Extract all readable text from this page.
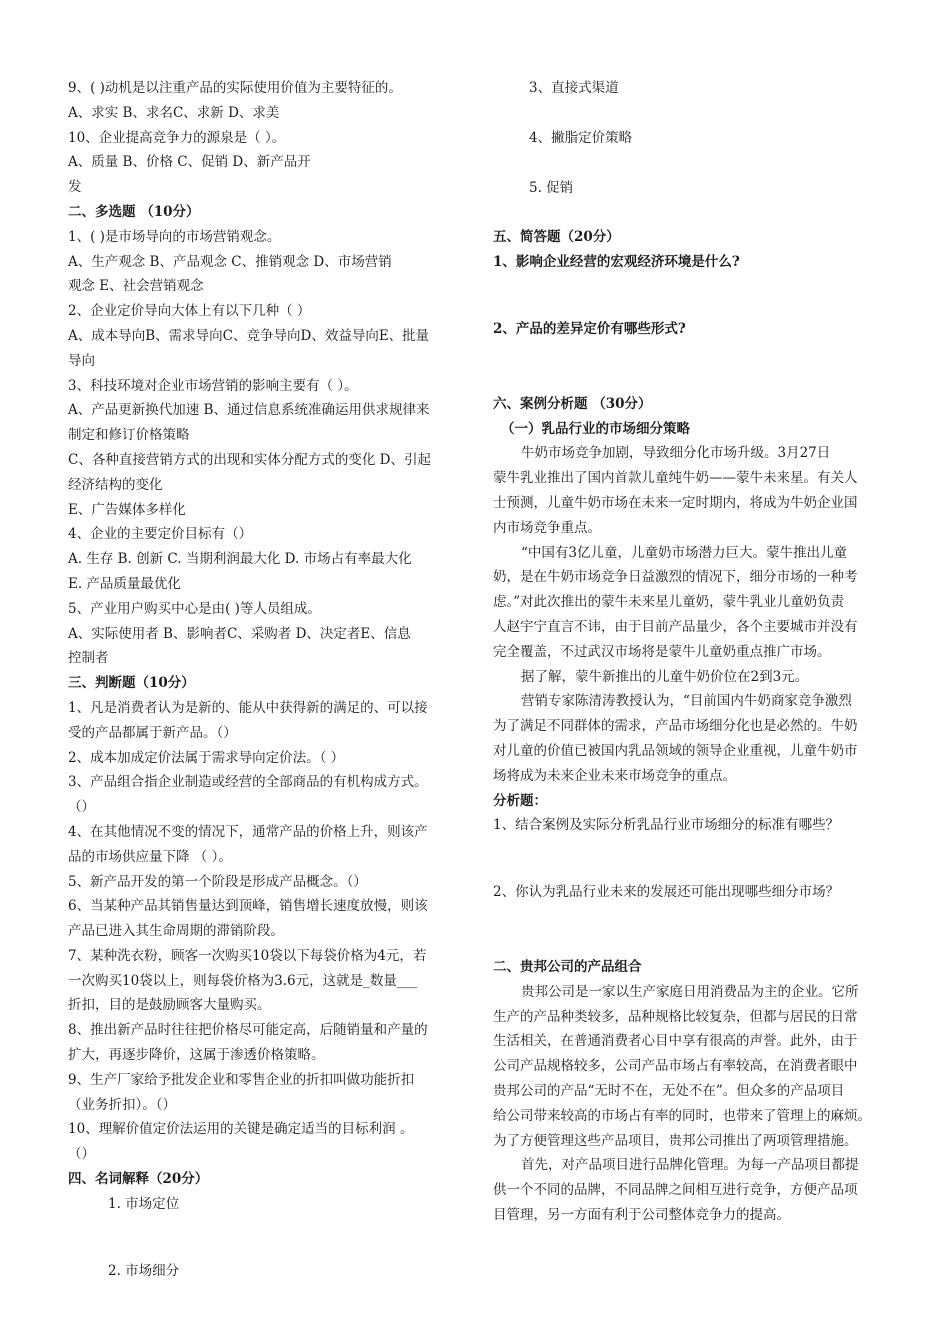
9、( )动机是以注重产品的实际使用价值为主要特征的。
A、求实 B、求名C、求新 D、求美
10、企业提高竞争力的源泉是（ ）。
A、质量 B、价格 C、促销 D、新产品开
发
二、多选题 （10分）
1、( )是市场导向的市场营销观念。
A、生产观念 B、产品观念 C、推销观念 D、市场营销
观念 E、社会营销观念
2、企业定价导向大体上有以下几种（ ）
A、成本导向B、需求导向C、竞争导向D、效益导向E、批量
导向
3、科技环境对企业市场营销的影响主要有（ ）。
A、产品更新换代加速 B、通过信息系统准确运用供求规律来
制定和修订价格策略
C、各种直接营销方式的出现和实体分配方式的变化 D、引起
经济结构的变化
E、广告媒体多样化
4、企业的主要定价目标有（）
A. 生存 B. 创新 C. 当期利润最大化 D. 市场占有率最大化
E. 产品质量最优化
5、产业用户购买中心是由( )等人员组成。
A、实际使用者 B、影响者C、采购者 D、决定者E、信息
控制者
三、判断题（10分）
1、凡是消费者认为是新的、能从中获得新的满足的、可以接
受的产品都属于新产品。（）
2、成本加成定价法属于需求导向定价法。（ ）
3、产品组合指企业制造或经营的全部商品的有机构成方式。
（）
4、在其他情况不变的情况下，通常产品的价格上升，则该产
品的市场供应量下降 （ ）。
5、新产品开发的第一个阶段是形成产品概念。（）
6、当某种产品其销售量达到顶峰，销售增长速度放慢，则该
产品已进入其生命周期的滞销阶段。
7、某种洗衣粉，顾客一次购买10袋以下每袋价格为4元，若
一次购买10袋以上，则每袋价格为3.6元，这就是_数量___
折扣，目的是鼓励顾客大量购买。
8、推出新产品时往往把价格尽可能定高，后随销量和产量的
扩大，再逐步降价，这属于渗透价格策略。
9、生产厂家给予批发企业和零售企业的折扣叫做功能折扣
（业务折扣）。（）
10、理解价值定价法运用的关键是确定适当的目标利润 。
（）
四、名词解释（20分）
1. 市场定位
2. 市场细分
3、直接式渠道
4、撇脂定价策略
5. 促销
五、简答题（20分）
1、影响企业经营的宏观经济环境是什么?
2、产品的差异定价有哪些形式?
六、案例分析题 （30分）
（一）乳品行业的市场细分策略
牛奶市场竞争加剧，导致细分化市场升级。3月27日
蒙牛乳业推出了国内首款儿童纯牛奶——蒙牛未来星。有关人
士预测，儿童牛奶市场在未来一定时期内，将成为牛奶企业国
内市场竞争重点。
“中国有3亿儿童，儿童奶市场潜力巨大。蒙牛推出儿童
奶，是在牛奶市场竞争日益激烈的情况下，细分市场的一种考
虑。”对此次推出的蒙牛未来星儿童奶，蒙牛乳业儿童奶负责
人赵宇宁直言不讳，由于目前产品量少，各个主要城市并没有
完全覆盖，不过武汉市场将是蒙牛儿童奶重点推广市场。
据了解，蒙牛新推出的儿童牛奶价位在2到3元。
营销专家陈清涛教授认为，“目前国内牛奶商家竞争激烈
为了满足不同群体的需求，产品市场细分化也是必然的。牛奶
对儿童的价值已被国内乳品领域的领导企业重视，儿童牛奶市
场将成为未来企业未来市场竞争的重点。
分析题：
1、结合案例及实际分析乳品行业市场细分的标准有哪些？
2、你认为乳品行业未来的发展还可能出现哪些细分市场？
二、贵邦公司的产品组合
贵邦公司是一家以生产家庭日用消费品为主的企业。它所
生产的产品种类较多，品种规格比较复杂，但都与居民的日常
生活相关，在普通消费者心目中享有很高的声誉。此外，由于
公司产品规格较多，公司产品市场占有率较高，在消费者眼中
贵邦公司的产品“无时不在，无处不在”。但众多的产品项目
给公司带来较高的市场占有率的同时，也带来了管理上的麻烦。
为了方便管理这些产品项目，贵邦公司推出了两项管理措施。
首先，对产品项目进行品牌化管理。为每一产品项目都提
供一个不同的品牌，不同品牌之间相互进行竞争，方便产品项
目管理，另一方面有利于公司整体竞争力的提高。
